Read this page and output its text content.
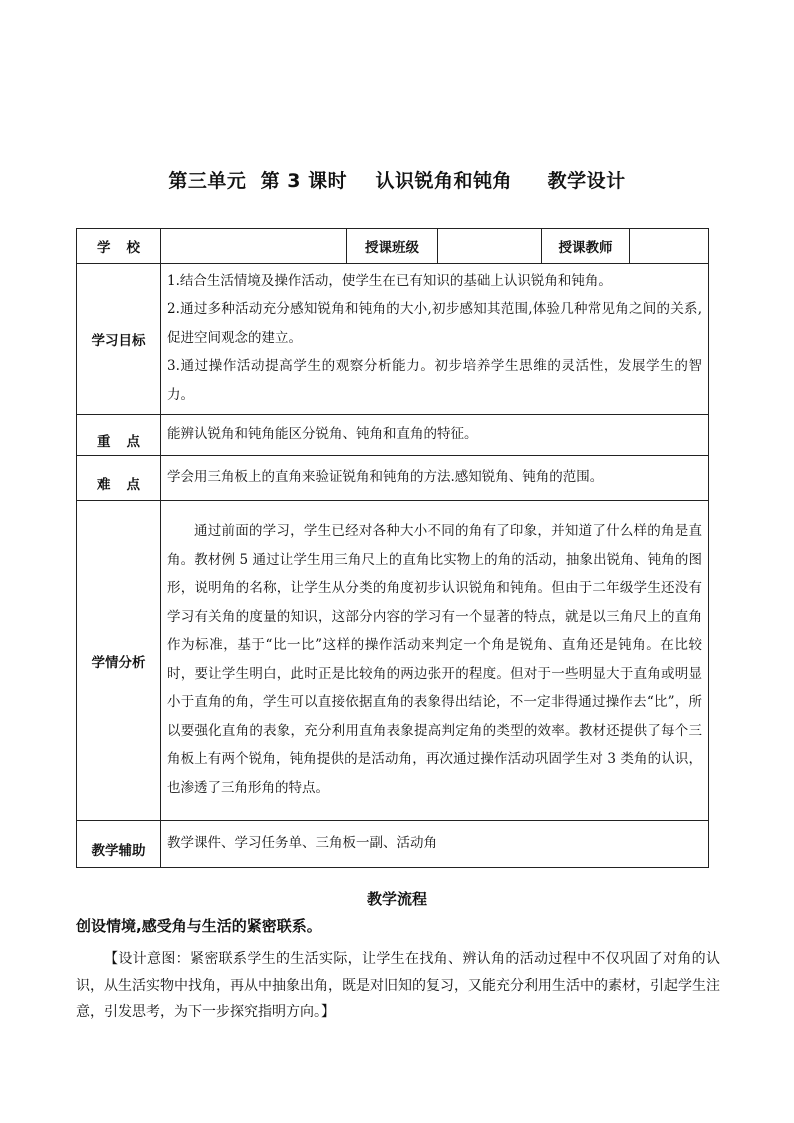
第三单元  第 3 课时    认识锐角和钝角     教学设计
学 校		授课班级		授课教师	

学习目标	1.结合生活情境及操作活动，使学生在已有知识的基础上认识锐角和钝角。

2.通过多种活动充分感知锐角和钝角的大小,初步感知其范围,体验几种常见角之间的关系,促进空间观念的建立。

3.通过操作活动提高学生的观察分析能力。初步培养学生思维的灵活性，发展学生的智力。				

重 点	能辨认锐角和钝角能区分锐角、钝角和直角的特征。				

难 点	学会用三角板上的直角来验证锐角和钝角的方法.感知锐角、钝角的范围。				

学情分析	通过前面的学习，学生已经对各种大小不同的角有了印象，并知道了什么样的角是直角。教材例 5 通过让学生用三角尺上的直角比实物上的角的活动，抽象出锐角、钝角的图形，说明角的名称，让学生从分类的角度初步认识锐角和钝角。但由于二年级学生还没有学习有关角的度量的知识，这部分内容的学习有一个显著的特点，就是以三角尺上的直角作为标准，基于“比一比”这样的操作活动来判定一个角是锐角、直角还是钝角。在比较时，要让学生明白，此时正是比较角的两边张开的程度。但对于一些明显大于直角或明显小于直角的角，学生可以直接依据直角的表象得出结论，不一定非得通过操作去“比”，所以要强化直角的表象，充分利用直角表象提高判定角的类型的效率。教材还提供了每个三角板上有两个锐角，钝角提供的是活动角，再次通过操作活动巩固学生对 3 类角的认识，也渗透了三角形角的特点。				

教学辅助	教学课件、学习任务单、三角板一副、活动角				
教学流程
创设情境,感受角与生活的紧密联系。

【设计意图：紧密联系学生的生活实际，让学生在找角、辨认角的活动过程中不仅巩固了对角的认识，从生活实物中找角，再从中抽象出角，既是对旧知的复习，又能充分利用生活中的素材，引起学生注意，引发思考，为下一步探究指明方向。】
